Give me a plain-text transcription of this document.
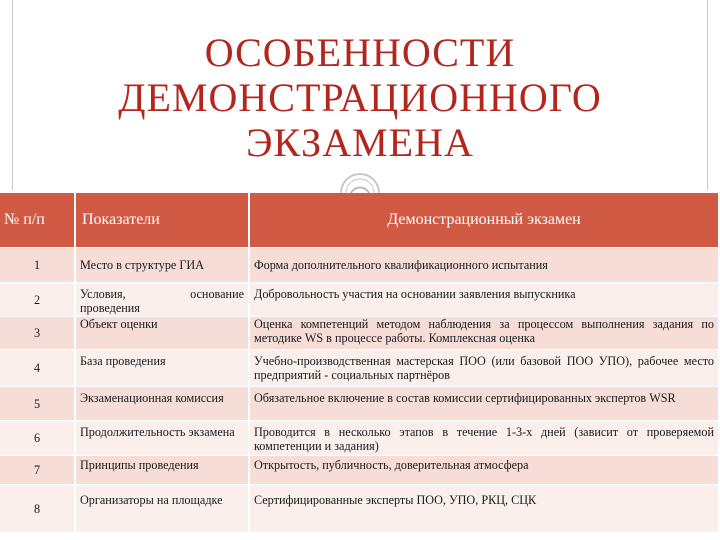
ОСОБЕННОСТИ
ДЕМОНСТРАЦИОННОГО
ЭКЗАМЕНА
№ п/п	Показатели	Демонстрационный экзамен
1	Место в структуре ГИА	Форма дополнительного квалификационного испытания
2	Условия, основание проведения	Добровольность участия на основании заявления выпускника
3	Объект оценки	Оценка компетенций методом наблюдения за процессом выполнения задания по методике WS в процессе работы. Комплексная оценка
4	База проведения	Учебно-производственная мастерская ПОО (или базовой ПОО УПО), рабочее место предприятий - социальных партнёров
5	Экзаменационная комиссия	Обязательное включение в состав комиссии сертифицированных экспертов WSR
6	Продолжительность экзамена	Проводится в несколько этапов в течение 1-3-х дней (зависит от проверяемой компетенции и задания)
7	Принципы проведения	Открытость, публичность, доверительная атмосфера
8	Организаторы на площадке	Сертифицированные эксперты ПОО, УПО, РКЦ, СЦК
